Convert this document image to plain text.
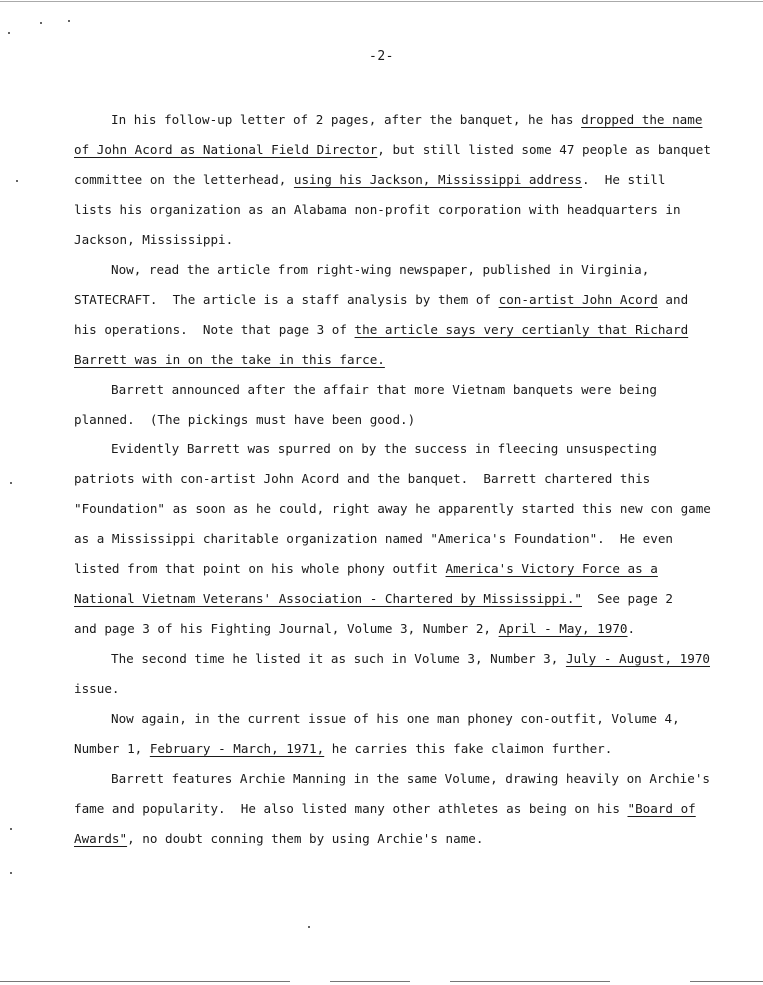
-2-
In his follow-up letter of 2 pages, after the banquet, he has dropped the name
of John Acord as National Field Director, but still listed some 47 people as banquet
committee on the letterhead, using his Jackson, Mississippi address.  He still
lists his organization as an Alabama non-profit corporation with headquarters in
Jackson, Mississippi.
Now, read the article from right-wing newspaper, published in Virginia,
STATECRAFT.  The article is a staff analysis by them of con-artist John Acord and
his operations.  Note that page 3 of the article says very certianly that Richard
Barrett was in on the take in this farce.
Barrett announced after the affair that more Vietnam banquets were being
planned.  (The pickings must have been good.)
Evidently Barrett was spurred on by the success in fleecing unsuspecting
patriots with con-artist John Acord and the banquet.  Barrett chartered this
"Foundation" as soon as he could, right away he apparently started this new con game
as a Mississippi charitable organization named "America's Foundation".  He even
listed from that point on his whole phony outfit America's Victory Force as a
National Vietnam Veterans' Association - Chartered by Mississippi."  See page 2
and page 3 of his Fighting Journal, Volume 3, Number 2, April - May, 1970.
The second time he listed it as such in Volume 3, Number 3, July - August, 1970
issue.
Now again, in the current issue of his one man phoney con-outfit, Volume 4,
Number 1, February - March, 1971, he carries this fake claimon further.
Barrett features Archie Manning in the same Volume, drawing heavily on Archie's
fame and popularity.  He also listed many other athletes as being on his "Board of
Awards", no doubt conning them by using Archie's name.
